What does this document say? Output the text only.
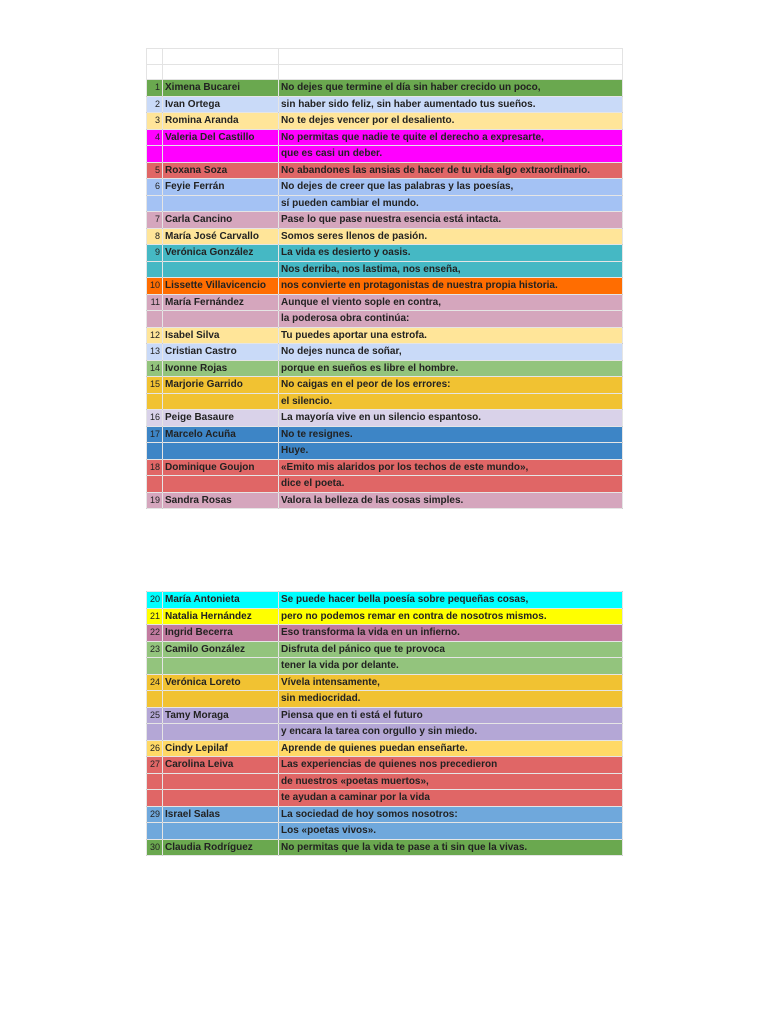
1	Ximena Bucarei	No dejes que termine el día sin haber crecido un poco,
2	Ivan Ortega	sin haber sido feliz, sin haber aumentado tus sueños.
3	Romina Aranda	No te dejes vencer por el desaliento.
4	Valeria Del Castillo	No permitas que nadie te quite el derecho a expresarte,
		que es casi un deber.
5	Roxana Soza	No abandones las ansias de hacer de tu vida algo extraordinario.
6	Feyie Ferrán	No dejes de creer que las palabras y las poesías,
		sí pueden cambiar el mundo.
7	Carla Cancino	Pase lo que pase nuestra esencia está intacta.
8	María José Carvallo	Somos seres llenos de pasión.
9	Verónica González	La vida es desierto y oasis.
		Nos derriba, nos lastima, nos enseña,
10	Lissette Villavicencio	nos convierte en protagonistas de nuestra propia historia.
11	María Fernández	Aunque el viento sople en contra,
		la poderosa obra continúa:
12	Isabel Silva	Tu puedes aportar una estrofa.
13	Cristian Castro	No dejes nunca de soñar,
14	Ivonne Rojas	porque en sueños es libre el hombre.
15	Marjorie Garrido	No caigas en el peor de los errores:
		el silencio.
16	Peige Basaure	La mayoría vive en un silencio espantoso.
17	Marcelo Acuña	No te resignes.
		Huye.
18	Dominique Goujon	«Emito mis alaridos por los techos de este mundo»,
		dice el poeta.
19	Sandra Rosas	Valora la belleza de las cosas simples.
20	María Antonieta	Se puede hacer bella poesía sobre pequeñas cosas,
21	Natalia Hernández	pero no podemos remar en contra de nosotros mismos.
22	Ingrid Becerra	Eso transforma la vida en un infierno.
23	Camilo González	Disfruta del pánico que te provoca
		tener la vida por delante.
24	Verónica Loreto	Vívela intensamente,
		sin mediocridad.
25	Tamy Moraga	Piensa que en ti está el futuro
		y encara la tarea con orgullo y sin miedo.
26	Cindy Lepilaf	Aprende de quienes puedan enseñarte.
27	Carolina Leiva	Las experiencias de quienes nos precedieron
		de nuestros «poetas muertos»,
		te ayudan a caminar por la vida
29	Israel Salas	La sociedad de hoy somos nosotros:
		Los «poetas vivos».
30	Claudia Rodríguez	No permitas que la vida te pase a ti sin que la vivas.
